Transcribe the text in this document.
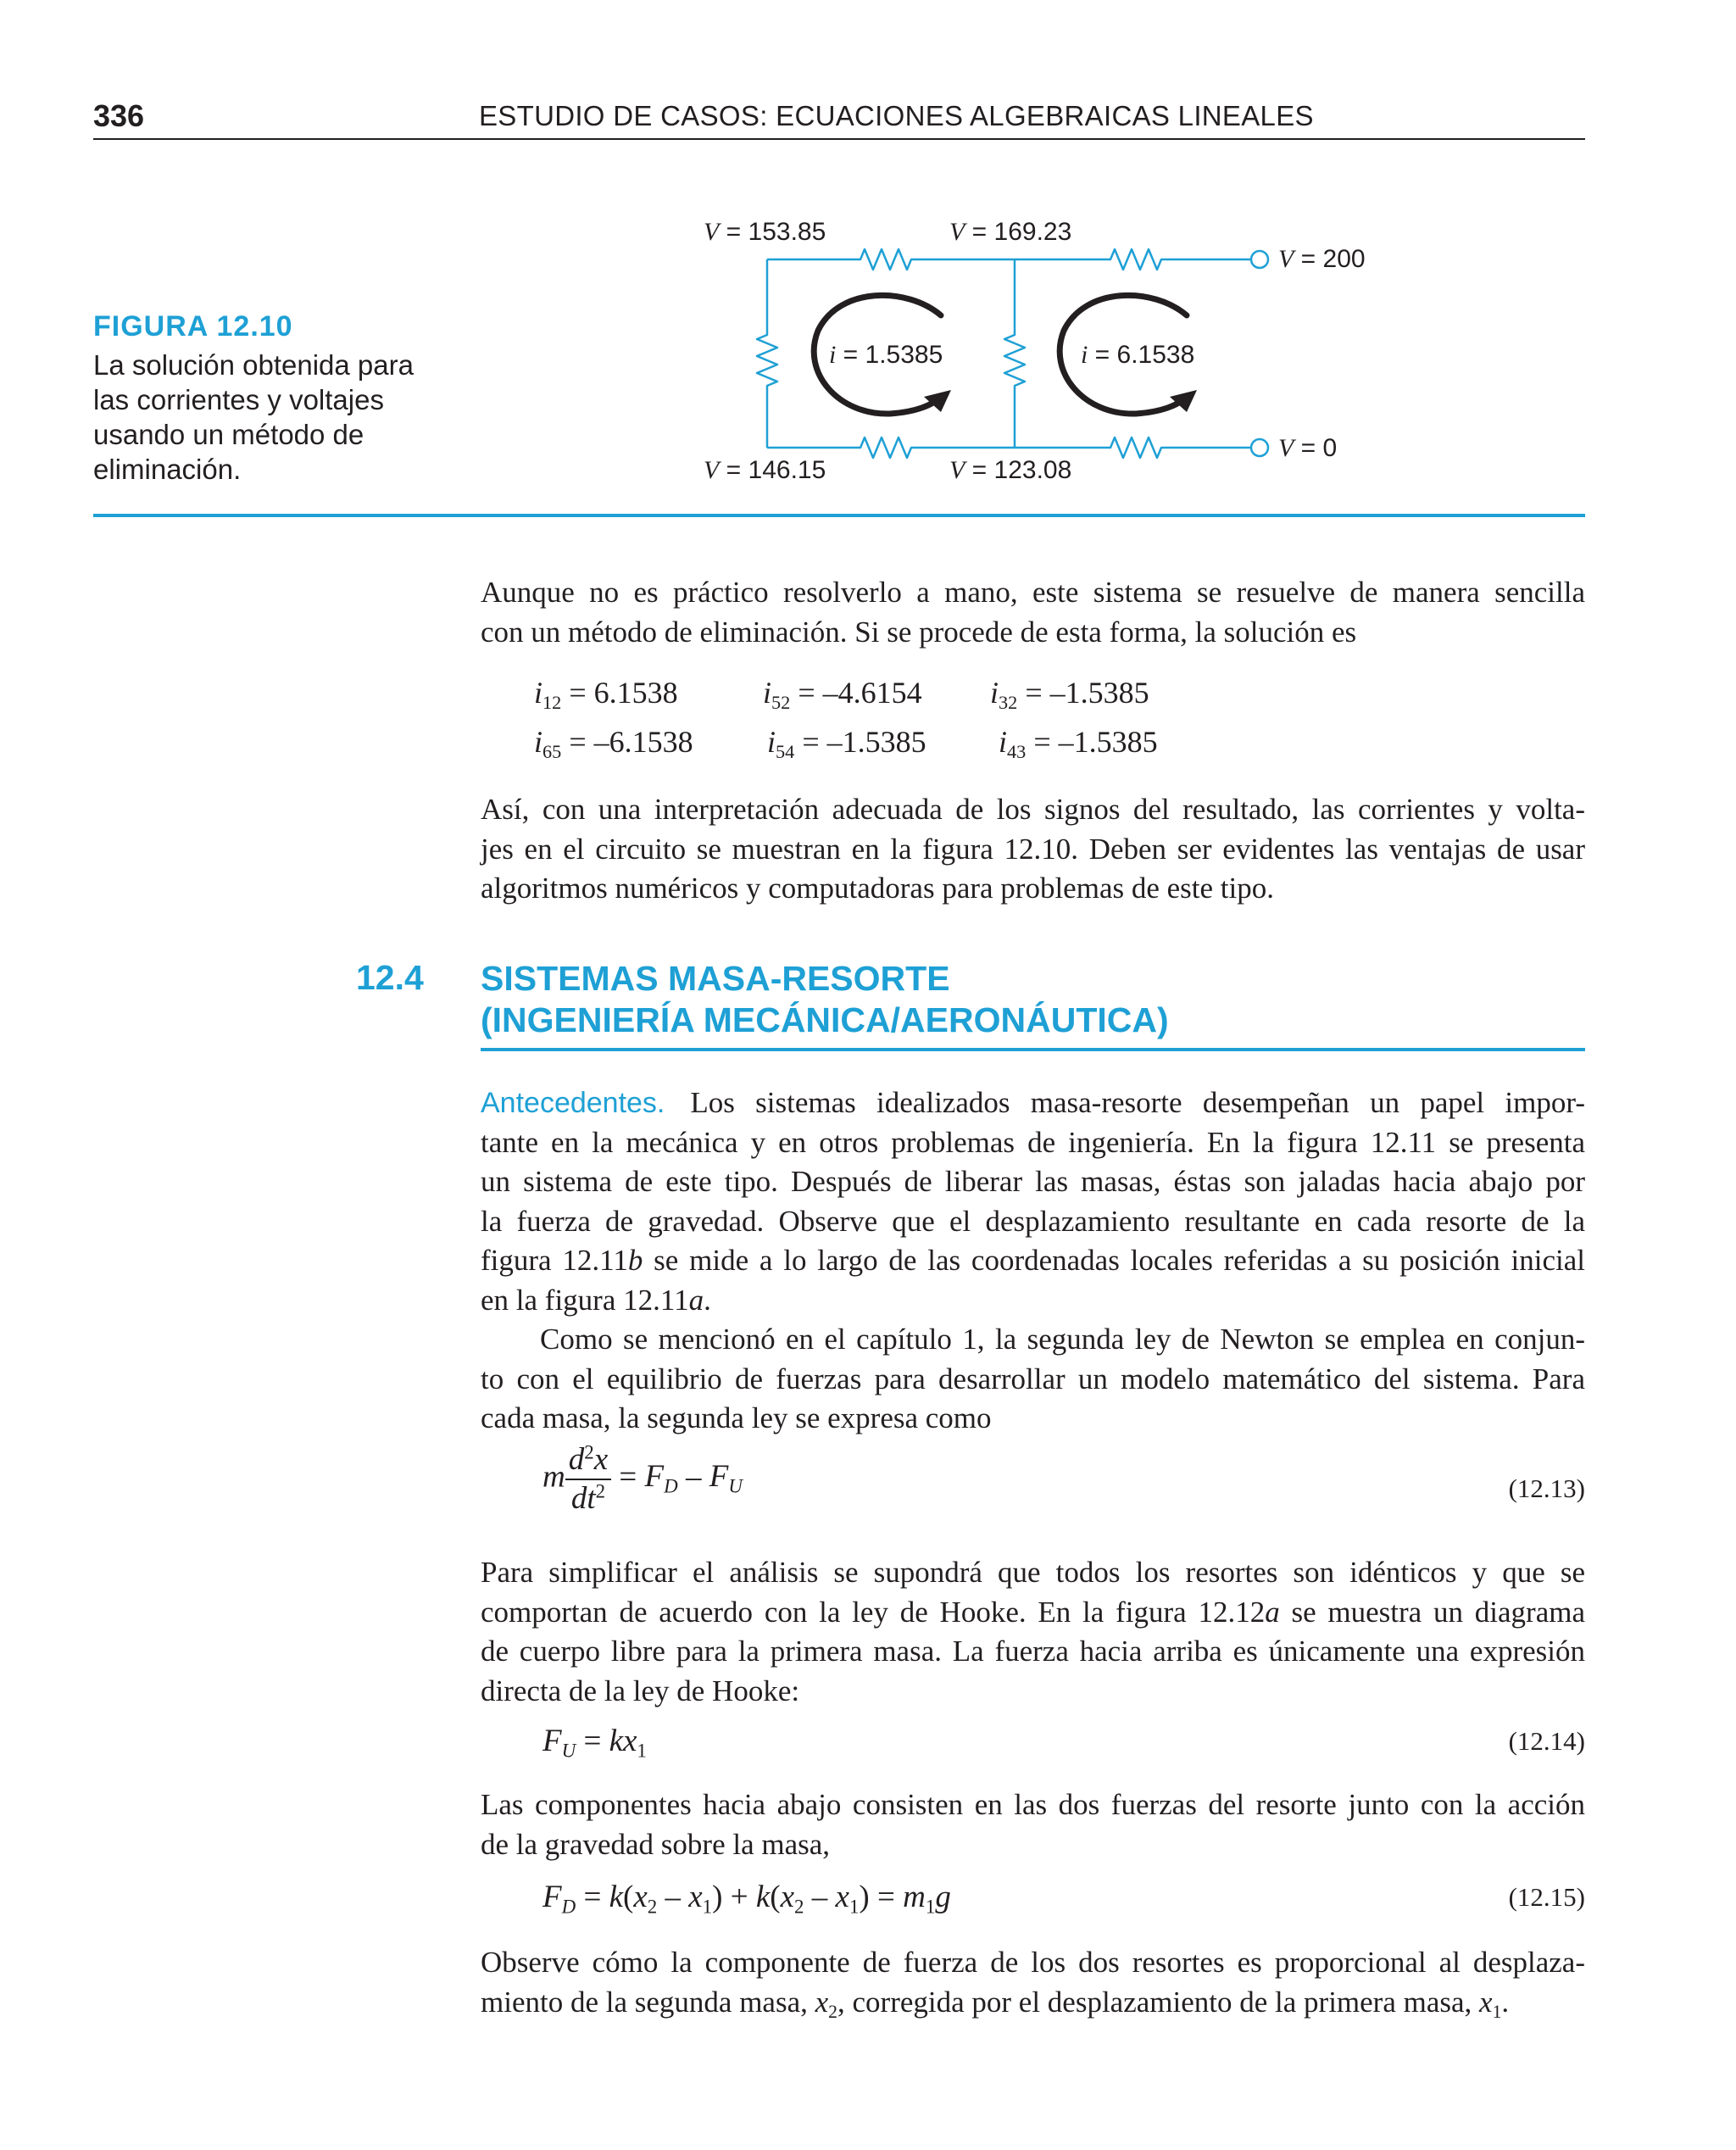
336	ESTUDIO DE CASOS: ECUACIONES ALGEBRAICAS LINEALES
FIGURA 12.10
La solución obtenida para
las corrientes y voltajes
usando un método de
eliminación.
V = 153.85	V = 169.23
V = 200
V = 146.15	V = 123.08
V = 0
i = 1.5385	i = 6.1538
Aunque no es práctico resolverlo a mano, este sistema se resuelve de manera sencilla
con un método de eliminación. Si se procede de esta forma, la solución es
$i_{12} = 6.1538$	$i_{52} = -4.6154$ $i_{32} = -1.5385$
$i_{65} = -6.1538$ $i_{54} = -1.5385$ $i_{43} = -1.5385$
Así, con una interpretación adecuada de los signos del resultado, las corrientes y volta-
jes en el circuito se muestran en la figura 12.10. Deben ser evidentes las ventajas de usar
algoritmos numéricos y computadoras para problemas de este tipo.
12.4 SISTEMAS MASA-RESORTE
(INGENIERÍA MECÁNICA/AERONÁUTICA)
Antecedentes. Los sistemas idealizados masa-resorte desempeñan un papel impor-
tante en la mecánica y en otros problemas de ingeniería. En la figura 12.11 se presenta
un sistema de este tipo. Después de liberar las masas, éstas son jaladas hacia abajo por
la fuerza de gravedad. Observe que el desplazamiento resultante en cada resorte de la
figura 12.11b se mide a lo largo de las coordenadas locales referidas a su posición inicial
en la figura 12.11a.
Como se mencionó en el capítulo 1, la segunda ley de Newton se emplea en conjun-
to con el equilibrio de fuerzas para desarrollar un modelo matemático del sistema. Para
cada masa, la segunda ley se expresa como
m $\frac{d^2x}{dt^2} = F_D - F_U$	(12.13)
Para simplificar el análisis se supondrá que todos los resortes son idénticos y que se
comportan de acuerdo con la ley de Hooke. En la figura 12.12a se muestra un diagrama
de cuerpo libre para la primera masa. La fuerza hacia arriba es únicamente una expresión
directa de la ley de Hooke:
$F_U = kx_1$	(12.14)
Las componentes hacia abajo consisten en las dos fuerzas del resorte junto con la acción
de la gravedad sobre la masa,
$F_D = k(x_2 - x_1) + k(x_2 - x_1) = m_1g$	(12.15)
Observe cómo la componente de fuerza de los dos resortes es proporcional al desplaza-
miento de la segunda masa, $x_2$, corregida por el desplazamiento de la primera masa, $x_1$.
